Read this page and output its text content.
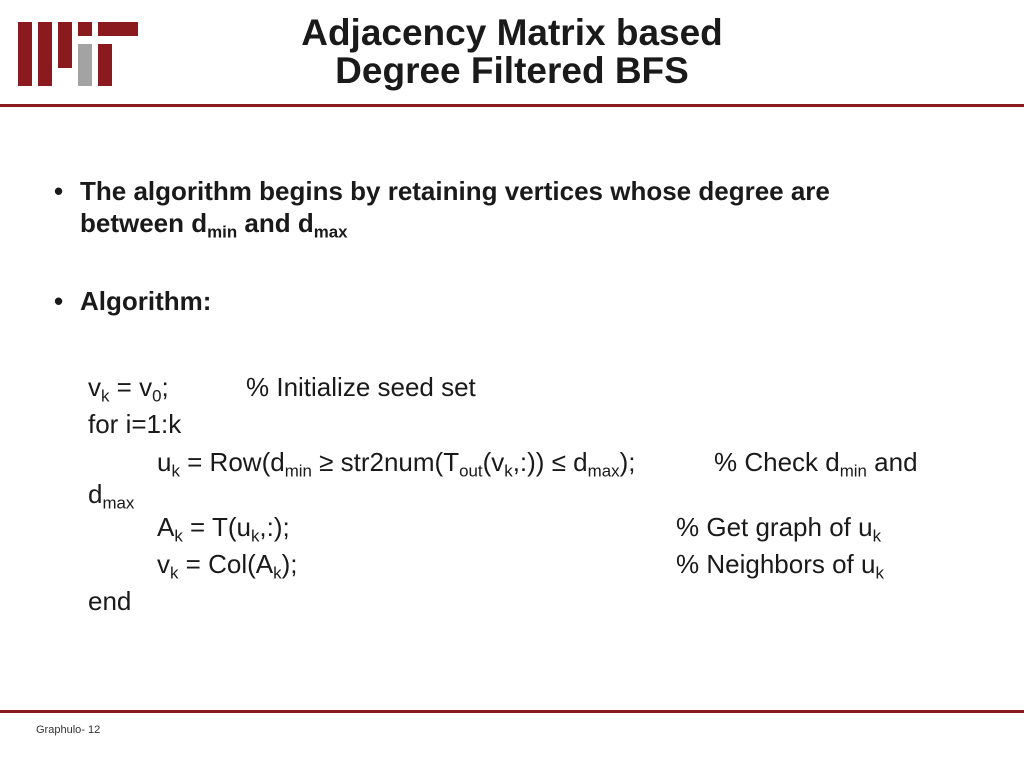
Adjacency Matrix based
Degree Filtered BFS
• The algorithm begins by retaining vertices whose degree are
between $d_{min}$ and $d_{max}$
• Algorithm:
$v_k = v_0$;	% Initialize seed set
for i=1:k
$u_k = Row(d_{min}$ ≥ $str2num(T_{out}(v_k,:)) \le d_{max}$);	% Check $d_{min}$ and
$d_{max}$
$A_k$ = $T(u_k,:)$;	% Get graph of $u_k$
$v_k = Col(A_k)$;	% Neighbors of $u_k$
end
Graphulo- 12
